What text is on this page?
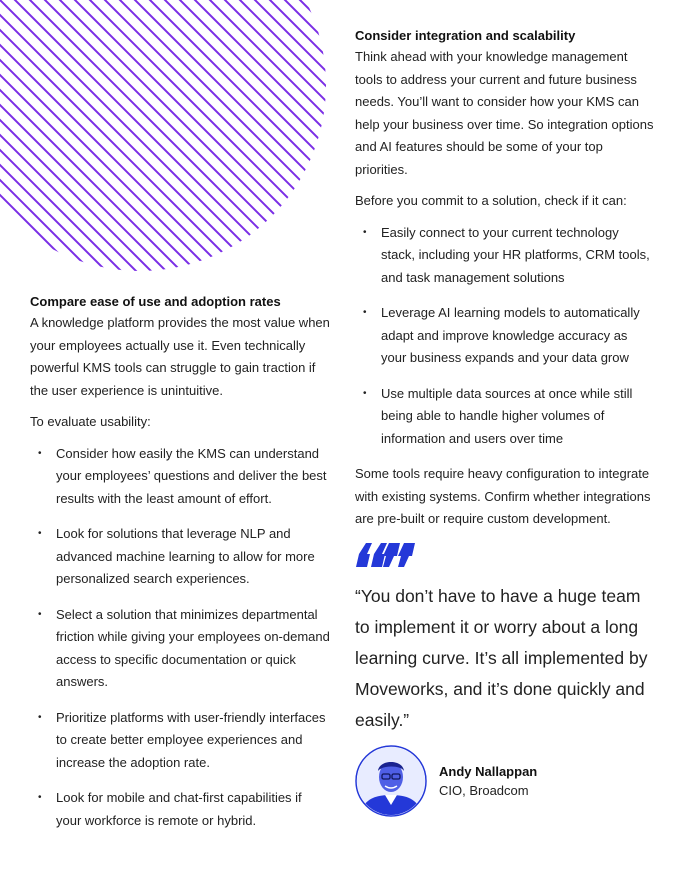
Compare ease of use and adoption rates

A knowledge platform provides the most value when your employees actually use it. Even technically powerful KMS tools can struggle to gain traction if the user experience is unintuitive.

To evaluate usability:

• Consider how easily the KMS can understand your employees’ questions and deliver the best results with the least amount of effort.
• Look for solutions that leverage NLP and advanced machine learning to allow for more personalized search experiences.
• Select a solution that minimizes departmental friction while giving your employees on-demand access to specific documentation or quick answers.
• Prioritize platforms with user-friendly interfaces to create better employee experiences and increase the adoption rate.
• Look for mobile and chat-first capabilities if your workforce is remote or hybrid.
Consider integration and scalability

Think ahead with your knowledge management tools to address your current and future business needs. You’ll want to consider how your KMS can help your business over time. So integration options and AI features should be some of your top priorities.

Before you commit to a solution, check if it can:

• Easily connect to your current technology stack, including your HR platforms, CRM tools, and task management solutions
• Leverage AI learning models to automatically adapt and improve knowledge accuracy as your business expands and your data grow
• Use multiple data sources at once while still being able to handle higher volumes of information and users over time

Some tools require heavy configuration to integrate with existing systems. Confirm whether integrations are pre-built or require custom development.

“You don’t have to have a huge team to implement it or worry about a long learning curve. It’s all implemented by Moveworks, and it’s done quickly and easily.”

Andy Nallappan
CIO, Broadcom
